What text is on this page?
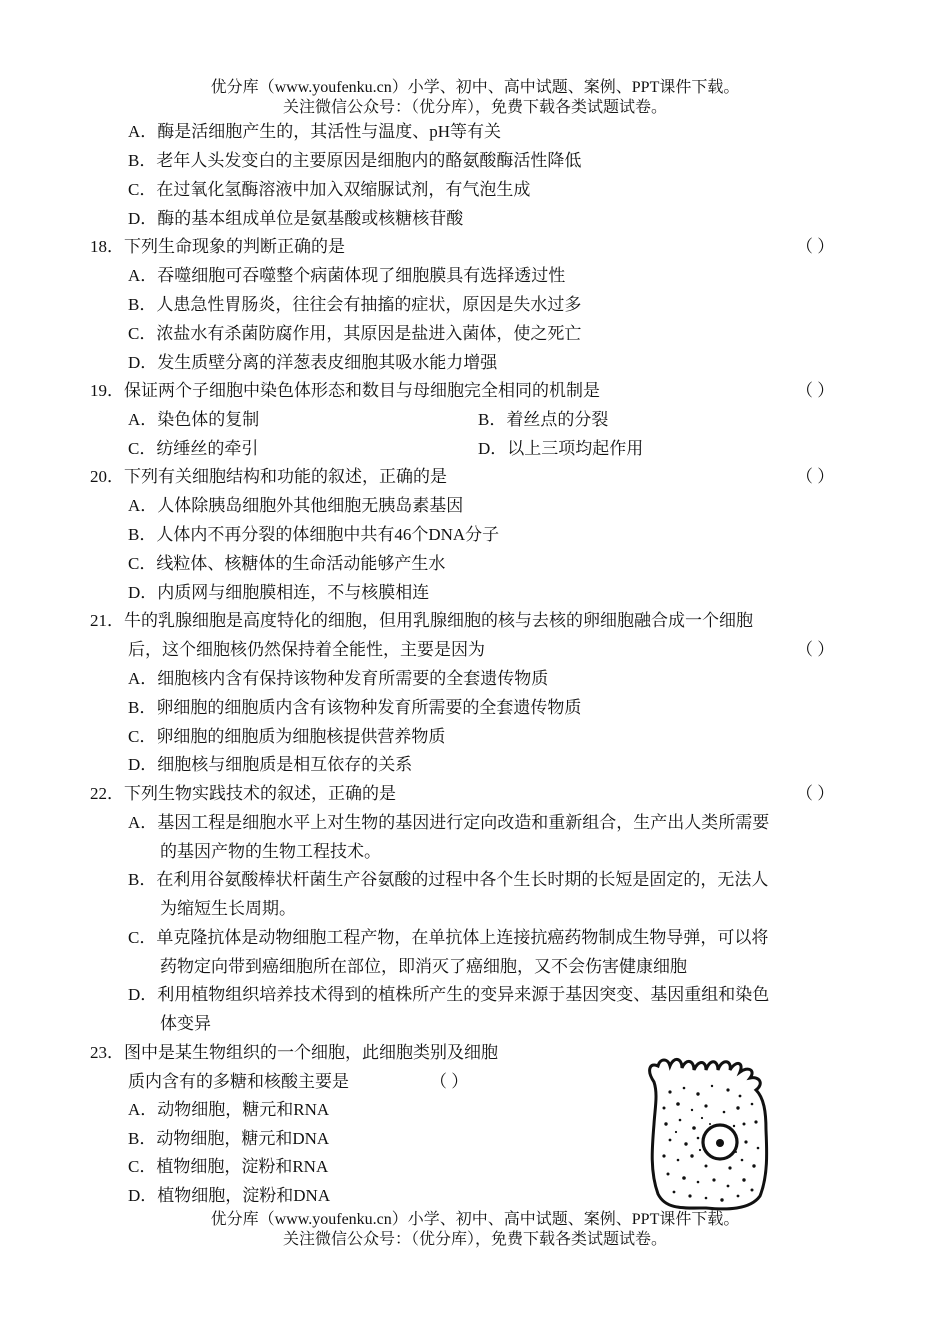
优分库（www.youfenku.cn）小学、初中、高中试题、案例、PPT课件下载。
关注微信公众号：（优分库），免费下载各类试题试卷。
A．酶是活细胞产生的，其活性与温度、pH等有关
B．老年人头发变白的主要原因是细胞内的酪氨酸酶活性降低
C．在过氧化氢酶溶液中加入双缩脲试剂，有气泡生成
D．酶的基本组成单位是氨基酸或核糖核苷酸
18．下列生命现象的判断正确的是	（ ）
A．吞噬细胞可吞噬整个病菌体现了细胞膜具有选择透过性
B．人患急性胃肠炎，往往会有抽搐的症状，原因是失水过多
C．浓盐水有杀菌防腐作用，其原因是盐进入菌体，使之死亡
D．发生质壁分离的洋葱表皮细胞其吸水能力增强
19．保证两个子细胞中染色体形态和数目与母细胞完全相同的机制是	（ ）
A．染色体的复制	B．着丝点的分裂
C．纺缍丝的牵引	D．以上三项均起作用
20．下列有关细胞结构和功能的叙述，正确的是	（ ）
A．人体除胰岛细胞外其他细胞无胰岛素基因
B．人体内不再分裂的体细胞中共有46个DNA分子
C．线粒体、核糖体的生命活动能够产生水
D．内质网与细胞膜相连，不与核膜相连
21．牛的乳腺细胞是高度特化的细胞，但用乳腺细胞的核与去核的卵细胞融合成一个细胞
后，这个细胞核仍然保持着全能性，主要是因为	（ ）
A．细胞核内含有保持该物种发育所需要的全套遗传物质
B．卵细胞的细胞质内含有该物种发育所需要的全套遗传物质
C．卵细胞的细胞质为细胞核提供营养物质
D．细胞核与细胞质是相互依存的关系
22．下列生物实践技术的叙述，正确的是	（ ）
A．基因工程是细胞水平上对生物的基因进行定向改造和重新组合，生产出人类所需要
的基因产物的生物工程技术。
B．在利用谷氨酸棒状杆菌生产谷氨酸的过程中各个生长时期的长短是固定的，无法人
为缩短生长周期。
C．单克隆抗体是动物细胞工程产物，在单抗体上连接抗癌药物制成生物导弹，可以将
药物定向带到癌细胞所在部位，即消灭了癌细胞，又不会伤害健康细胞
D．利用植物组织培养技术得到的植株所产生的变异来源于基因突变、基因重组和染色
体变异
23．图中是某生物组织的一个细胞，此细胞类别及细胞
质内含有的多糖和核酸主要是	（ ）
A．动物细胞，糖元和RNA
B．动物细胞，糖元和DNA
C．植物细胞，淀粉和RNA
D．植物细胞，淀粉和DNA
优分库（www.youfenku.cn）小学、初中、高中试题、案例、PPT课件下载。
关注微信公众号：（优分库），免费下载各类试题试卷。
